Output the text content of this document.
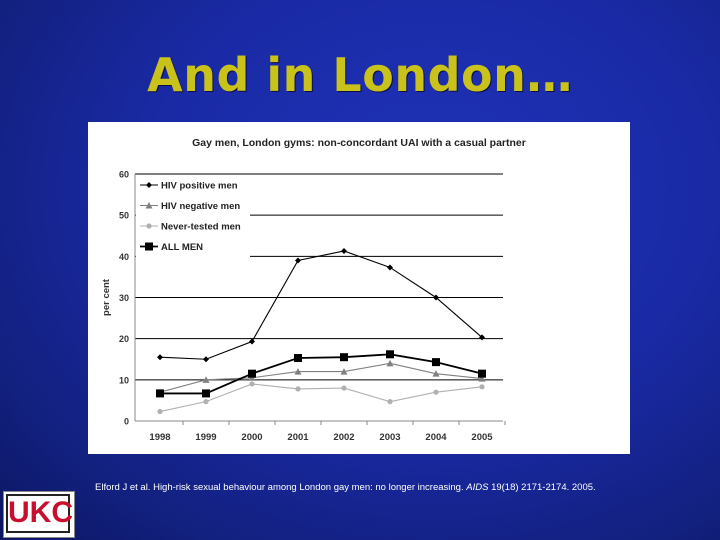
And in London…
Gay men, London gyms: non-concordant UAI with a casual partner
0
10
20
30
40
50
60
1998	1999	2000	2001	2002	2003	2004	2005
per cent
HIV positive men
HIV negative men
Never-tested men
ALL MEN
Elford J et al. High-risk sexual behaviour among London gay men: no longer increasing. AIDS 19(18) 2171-2174. 2005.
UKC
